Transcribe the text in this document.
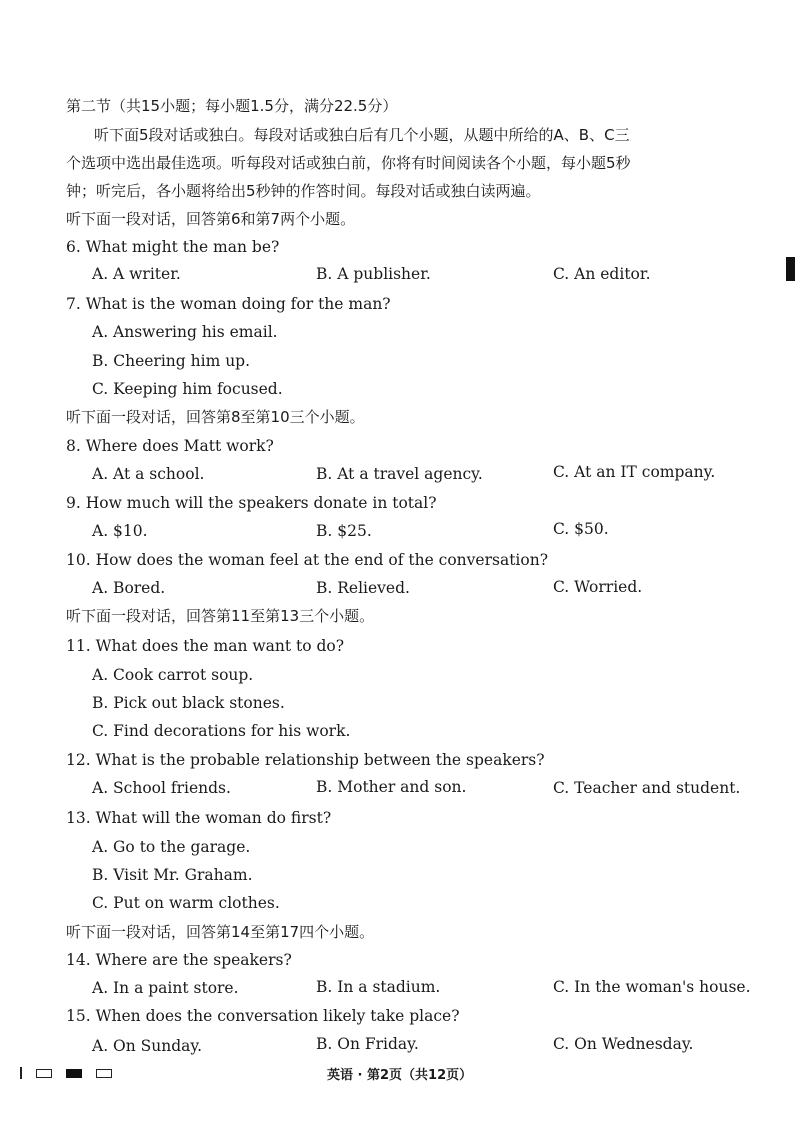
第二节（共15小题；每小题1.5分，满分22.5分）
听下面5段对话或独白。每段对话或独白后有几个小题，从题中所给的A、B、C三
个选项中选出最佳选项。听每段对话或独白前，你将有时间阅读各个小题，每小题5秒
钟；听完后，各小题将给出5秒钟的作答时间。每段对话或独白读两遍。
听下面一段对话，回答第6和第7两个小题。
6. What might the man be?
A. A writer.	B. A publisher.	C. An editor.
7. What is the woman doing for the man?
A. Answering his email.
B. Cheering him up.
C. Keeping him focused.
听下面一段对话，回答第8至第10三个小题。
8. Where does Matt work?
A. At a school.	B. At a travel agency.	C. At an IT company.
9. How much will the speakers donate in total?
A. $10.	B. $25.	C. $50.
10. How does the woman feel at the end of the conversation?
A. Bored.	B. Relieved.	C. Worried.
听下面一段对话，回答第11至第13三个小题。
11. What does the man want to do?
A. Cook carrot soup.
B. Pick out black stones.
C. Find decorations for his work.
12. What is the probable relationship between the speakers?
A. School friends.	B. Mother and son.	C. Teacher and student.
13. What will the woman do first?
A. Go to the garage.
B. Visit Mr. Graham.
C. Put on warm clothes.
听下面一段对话，回答第14至第17四个小题。
14. Where are the speakers?
A. In a paint store.	B. In a stadium.	C. In the woman's house.
15. When does the conversation likely take place?
A. On Sunday.	B. On Friday.	C. On Wednesday.
英语 · 第2页（共12页）
